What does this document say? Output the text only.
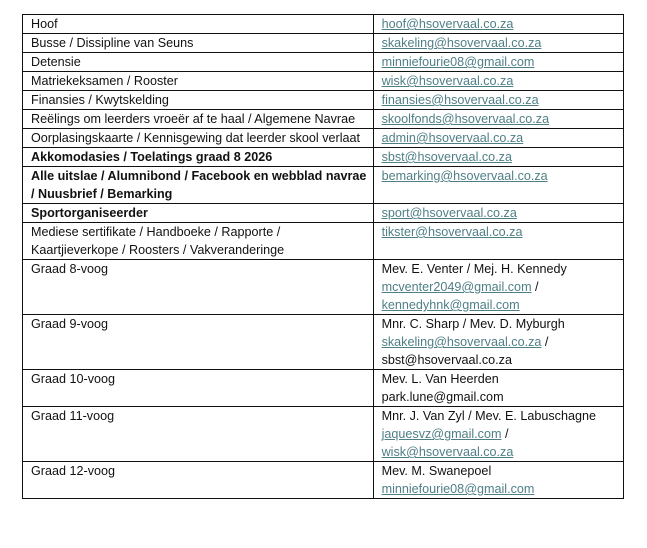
Hoof	hoof@hsovervaal.co.za

Busse / Dissipline van Seuns	skakeling@hsovervaal.co.za

Detensie	minniefourie08@gmail.com

Matriekeksamen / Rooster	wisk@hsovervaal.co.za

Finansies / Kwytskelding	finansies@hsovervaal.co.za

Reëlings om leerders vroeër af te haal / Algemene Navrae	skoolfonds@hsovervaal.co.za

Oorplasingskaarte / Kennisgewing dat leerder skool verlaat	admin@hsovervaal.co.za

Akkomodasies / Toelatings graad 8 2026	sbst@hsovervaal.co.za

Alle uitslae / Alumnibond / Facebook en webblad navrae / Nuusbrief / Bemarking	bemarking@hsovervaal.co.za

Sportorganiseerder	sport@hsovervaal.co.za

Mediese sertifikate / Handboeke / Rapporte / Kaartjieverkope / Roosters / Vakveranderinge	tikster@hsovervaal.co.za

Graad 8-voog	Mev. E. Venter / Mej. H. Kennedy
mcventer2049@gmail.com /
kennedyhnk@gmail.com

Graad 9-voog	Mnr. C. Sharp / Mev. D. Myburgh
skakeling@hsovervaal.co.za /
sbst@hsovervaal.co.za

Graad 10-voog	Mev. L. Van Heerden
park.lune@gmail.com

Graad 11-voog	Mnr. J. Van Zyl / Mev. E. Labuschagne
jaquesvz@gmail.com /
wisk@hsovervaal.co.za

Graad 12-voog	Mev. M. Swanepoel
minniefourie08@gmail.com
